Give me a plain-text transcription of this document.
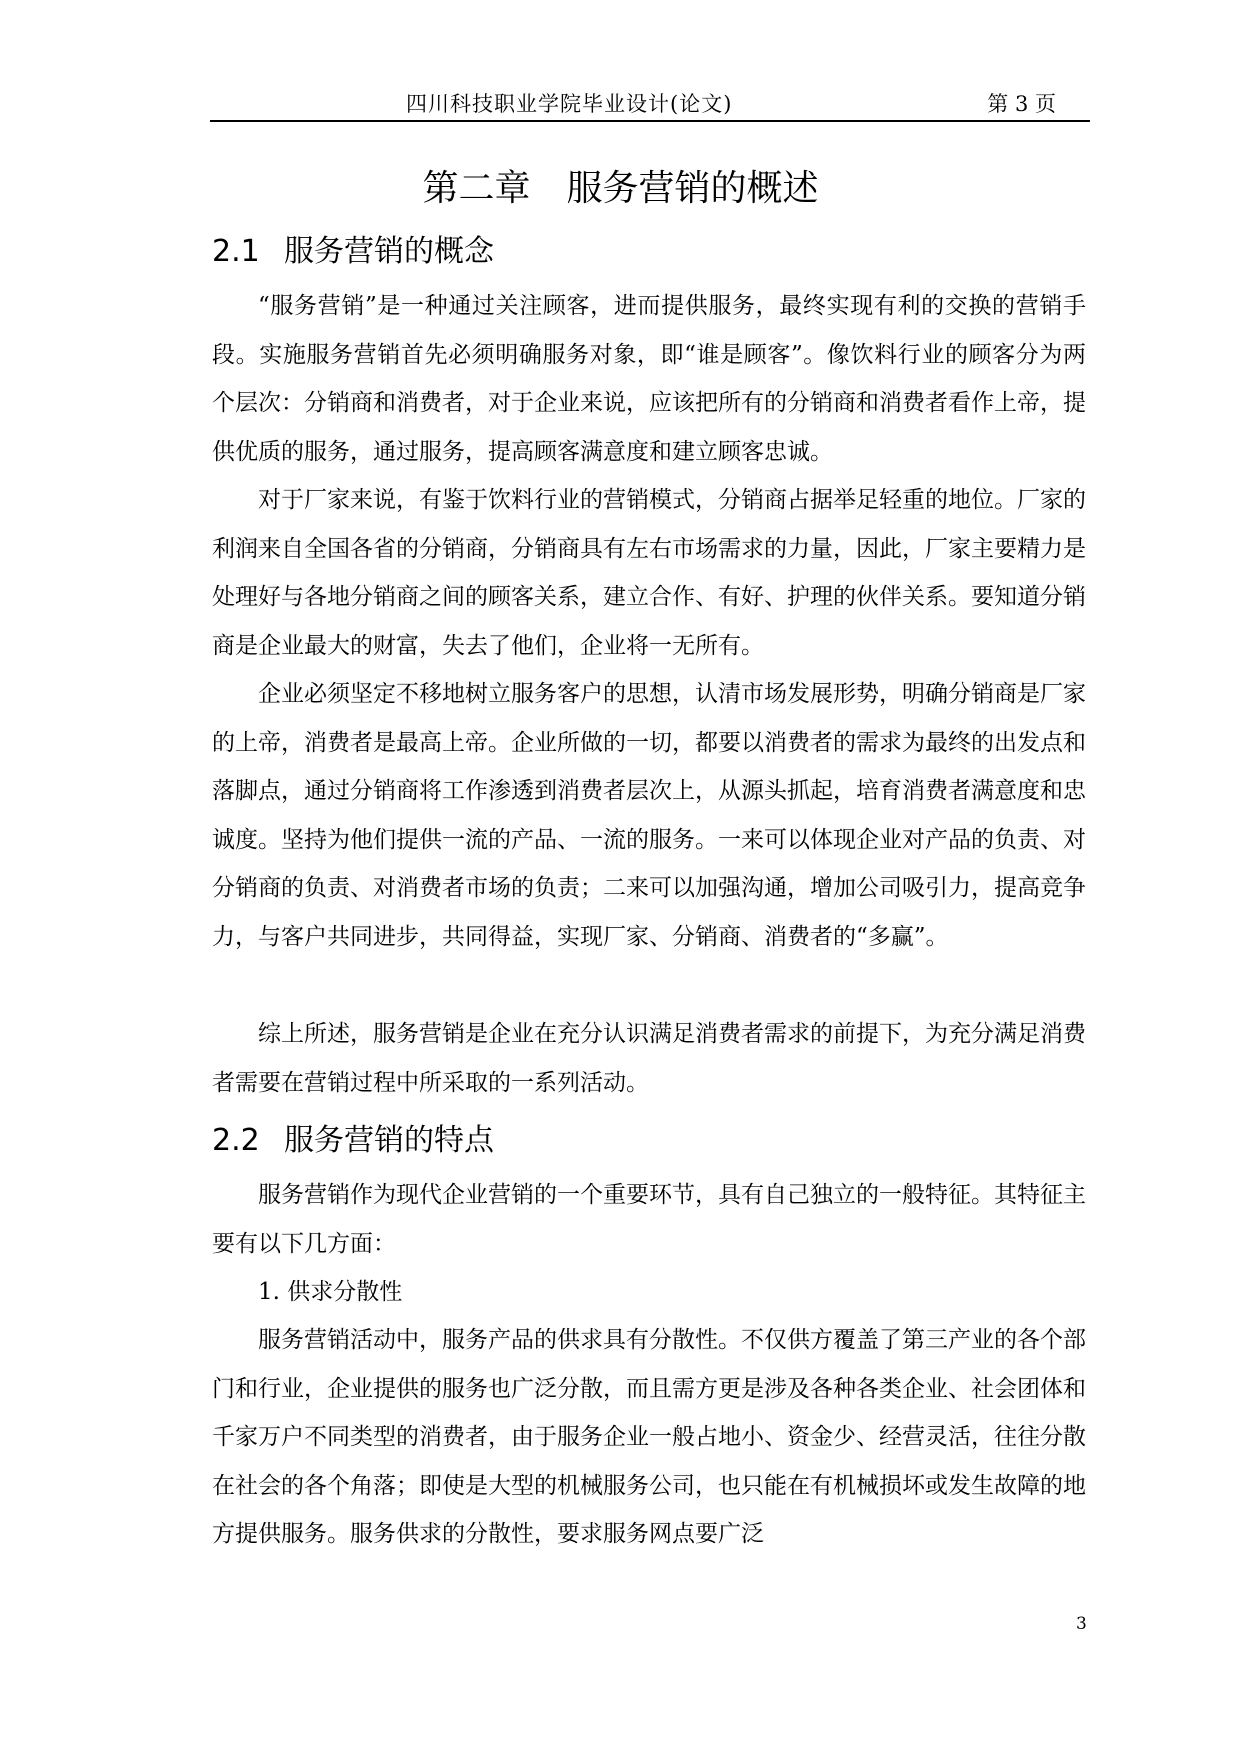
四川科技职业学院毕业设计(论文)	第 3 页
第二章　服务营销的概述
2.1 服务营销的概念

“服务营销”是一种通过关注顾客，进而提供服务，最终实现有利的交换的营销手段。实施服务营销首先必须明确服务对象，即“谁是顾客”。像饮料行业的顾客分为两个层次：分销商和消费者，对于企业来说，应该把所有的分销商和消费者看作上帝，提供优质的服务，通过服务，提高顾客满意度和建立顾客忠诚。

对于厂家来说，有鉴于饮料行业的营销模式，分销商占据举足轻重的地位。厂家的利润来自全国各省的分销商，分销商具有左右市场需求的力量，因此，厂家主要精力是处理好与各地分销商之间的顾客关系，建立合作、有好、护理的伙伴关系。要知道分销商是企业最大的财富，失去了他们，企业将一无所有。

企业必须坚定不移地树立服务客户的思想，认清市场发展形势，明确分销商是厂家的上帝，消费者是最高上帝。企业所做的一切，都要以消费者的需求为最终的出发点和落脚点，通过分销商将工作渗透到消费者层次上，从源头抓起，培育消费者满意度和忠诚度。坚持为他们提供一流的产品、一流的服务。一来可以体现企业对产品的负责、对分销商的负责、对消费者市场的负责；二来可以加强沟通，增加公司吸引力，提高竞争力，与客户共同进步，共同得益，实现厂家、分销商、消费者的“多赢”。

综上所述，服务营销是企业在充分认识满足消费者需求的前提下，为充分满足消费者需要在营销过程中所采取的一系列活动。

2.2 服务营销的特点

服务营销作为现代企业营销的一个重要环节，具有自己独立的一般特征。其特征主要有以下几方面：

1. 供求分散性

服务营销活动中，服务产品的供求具有分散性。不仅供方覆盖了第三产业的各个部门和行业，企业提供的服务也广泛分散，而且需方更是涉及各种各类企业、社会团体和千家万户不同类型的消费者，由于服务企业一般占地小、资金少、经营灵活，往往分散在社会的各个角落；即使是大型的机械服务公司，也只能在有机械损坏或发生故障的地方提供服务。服务供求的分散性，要求服务网点要广泛

3
